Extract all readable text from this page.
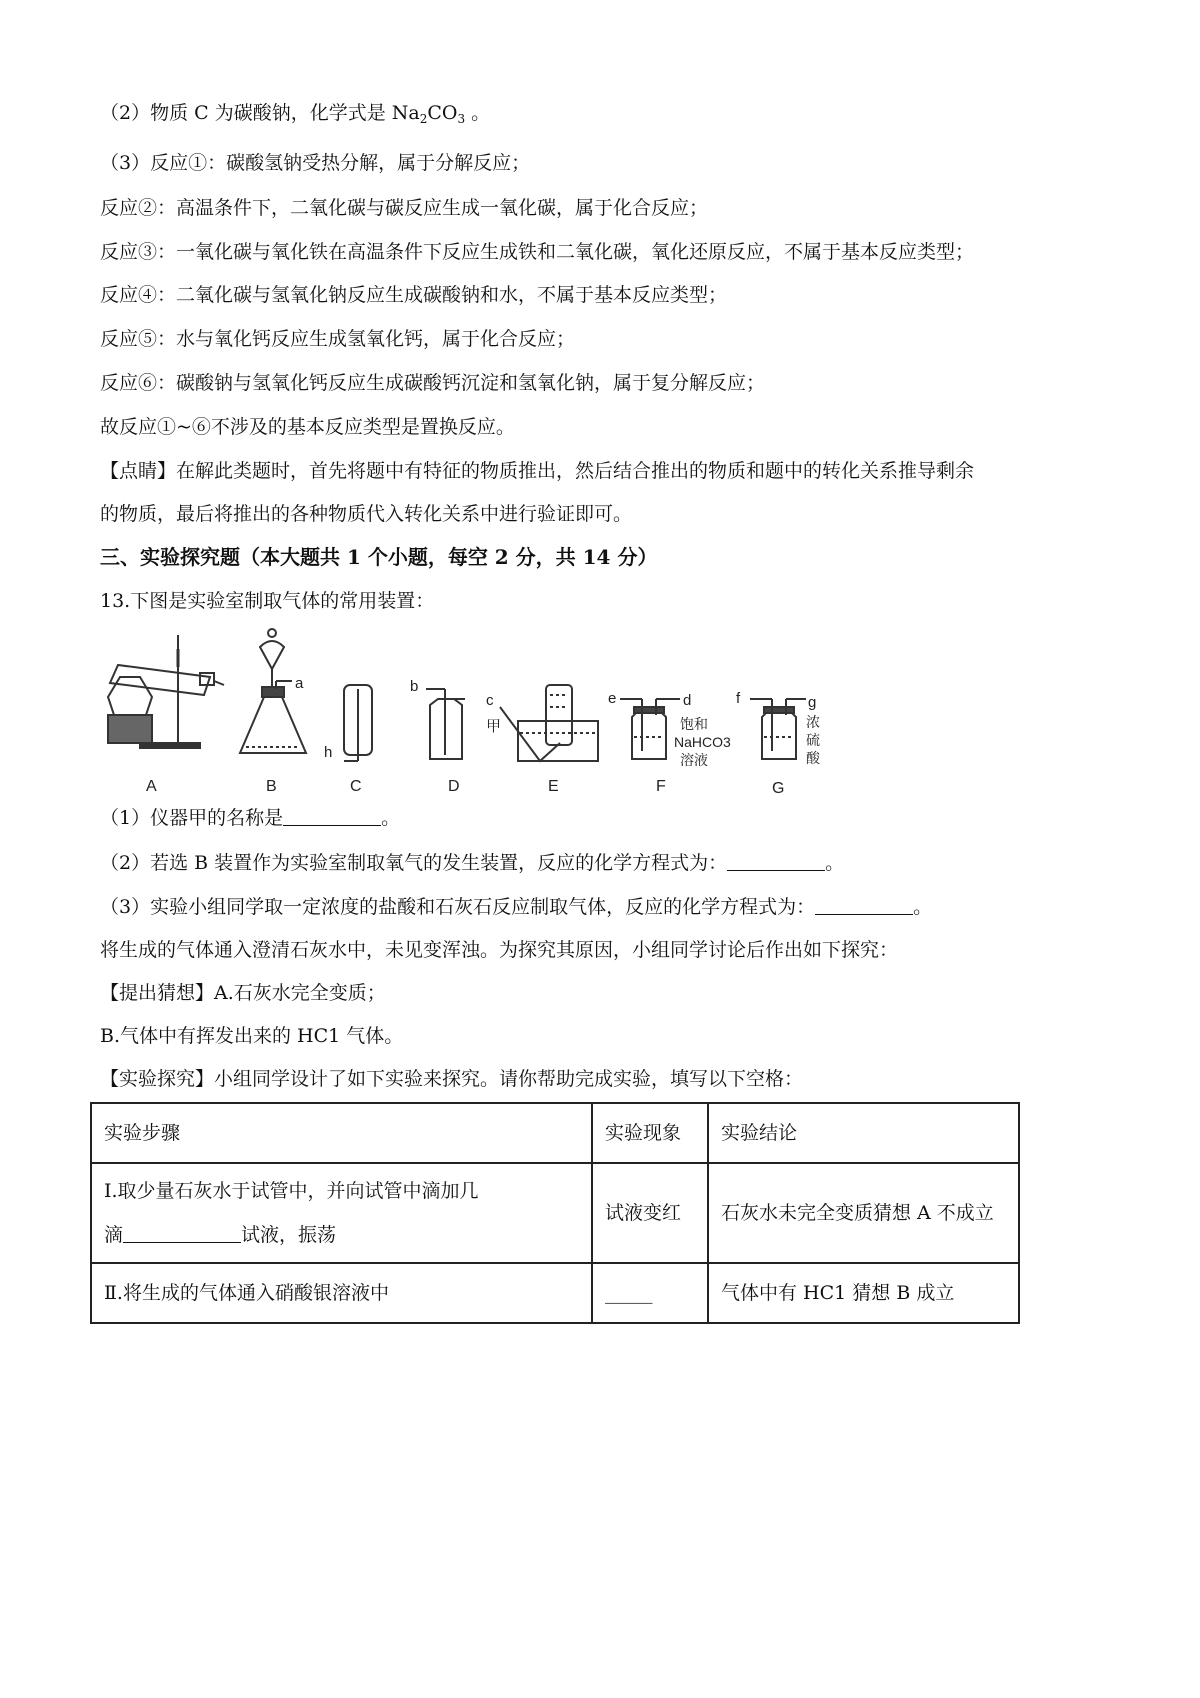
（2）物质 C 为碳酸钠，化学式是 $Na_2CO_3$ 。
（3）反应①：碳酸氢钠受热分解，属于分解反应；
反应②：高温条件下，二氧化碳与碳反应生成一氧化碳，属于化合反应；
反应③：一氧化碳与氧化铁在高温条件下反应生成铁和二氧化碳，氧化还原反应，不属于基本反应类型；
反应④：二氧化碳与氢氧化钠反应生成碳酸钠和水，不属于基本反应类型；
反应⑤：水与氧化钙反应生成氢氧化钙，属于化合反应；
反应⑥：碳酸钠与氢氧化钙反应生成碳酸钙沉淀和氢氧化钠，属于复分解反应；
故反应①~⑥不涉及的基本反应类型是置换反应。
【点睛】在解此类题时，首先将题中有特征的物质推出，然后结合推出的物质和题中的转化关系推导剩余
的物质，最后将推出的各种物质代入转化关系中进行验证即可。
三、实验探究题（本大题共 1 个小题，每空 2 分，共 14 分）
13.下图是实验室制取气体的常用装置：
a	b
c	d
e	f	g
h
甲	饱和
NaHCO3
溶液
浓
硫
酸
A	B	C	D	E	F	G
（1）仪器甲的名称是	。
（2）若选 B 装置作为实验室制取氧气的发生装置，反应的化学方程式为：	。
（3）实验小组同学取一定浓度的盐酸和石灰石反应制取气体，反应的化学方程式为：	。
将生成的气体通入澄清石灰水中，未见变浑浊。为探究其原因，小组同学讨论后作出如下探究：
【提出猜想】A.石灰水完全变质；
B.气体中有挥发出来的 HC1 气体。
【实验探究】小组同学设计了如下实验来探究。请你帮助完成实验，填写以下空格：
实验步骤	实验现象	实验结论

Ⅰ.取少量石灰水于试管中，并向试管中滴加几
滴 试液，振荡	试液变红	石灰水未完全变质猜想 A 不成立
Ⅱ.将生成的气体通入硝酸银溶液中	_____	气体中有 HC1 猜想 B 成立
